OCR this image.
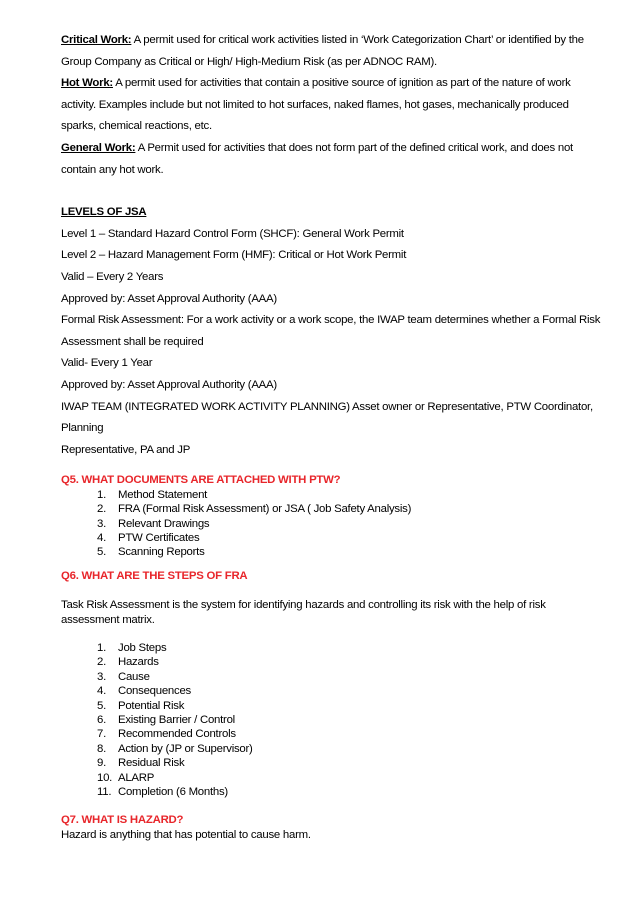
Critical Work: A permit used for critical work activities listed in ‘Work Categorization Chart’ or identified by the Group Company as Critical or High/ High-Medium Risk (as per ADNOC RAM).

Hot Work: A permit used for activities that contain a positive source of ignition as part of the nature of work activity. Examples include but not limited to hot surfaces, naked flames, hot gases, mechanically produced sparks, chemical reactions, etc.

General Work: A Permit used for activities that does not form part of the defined critical work, and does not contain any hot work.

LEVELS OF JSA

Level 1 – Standard Hazard Control Form (SHCF): General Work Permit

Level 2 – Hazard Management Form (HMF): Critical or Hot Work Permit

Valid – Every 2 Years

Approved by: Asset Approval Authority (AAA)

Formal Risk Assessment: For a work activity or a work scope, the IWAP team determines whether a Formal Risk Assessment shall be required

Valid- Every 1 Year

Approved by: Asset Approval Authority (AAA)

IWAP TEAM (INTEGRATED WORK ACTIVITY PLANNING) Asset owner or Representative, PTW Coordinator,

Planning

Representative, PA and JP

Q5. WHAT DOCUMENTS ARE ATTACHED WITH PTW?

1. Method Statement
2. FRA (Formal Risk Assessment) or JSA ( Job Safety Analysis)
3. Relevant Drawings
4. PTW Certificates
5. Scanning Reports

Q6. WHAT ARE THE STEPS OF FRA

Task Risk Assessment is the system for identifying hazards and controlling its risk with the help of risk assessment matrix.

1. Job Steps
2. Hazards
3. Cause
4. Consequences
5. Potential Risk
6. Existing Barrier / Control
7. Recommended Controls
8. Action by (JP or Supervisor)
9. Residual Risk
10. ALARP
11. Completion (6 Months)

Q7. WHAT IS HAZARD?

Hazard is anything that has potential to cause harm.
